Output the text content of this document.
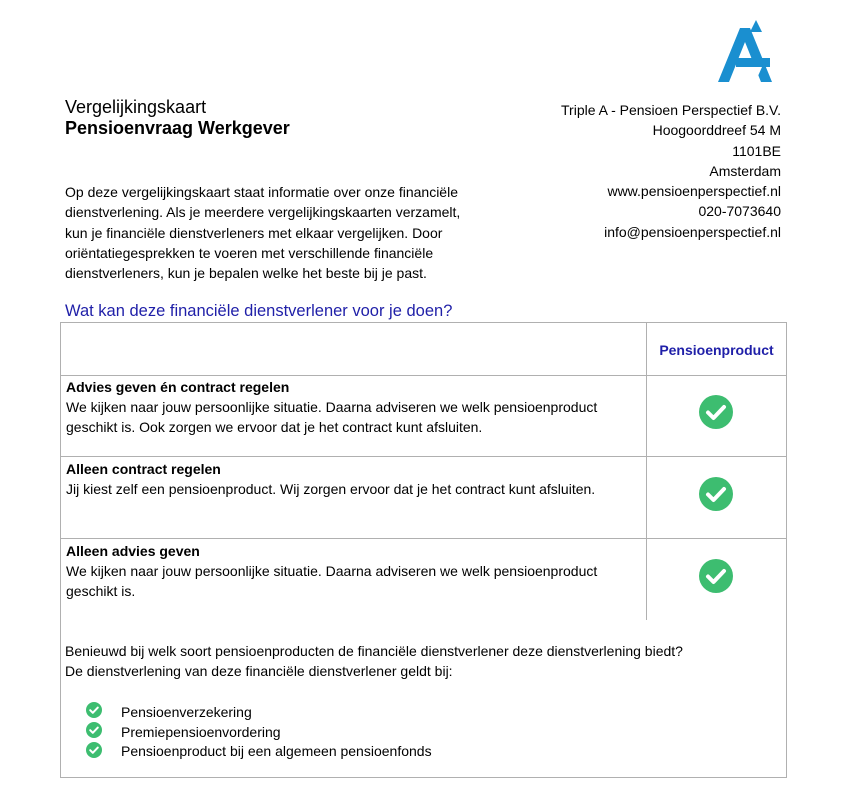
Vergelijkingskaart
Pensioenvraag Werkgever
Triple A - Pensioen Perspectief B.V.
Hoogoorddreef 54 M
1101BE
Amsterdam
www.pensioenperspectief.nl
020-7073640
info@pensioenperspectief.nl
Op deze vergelijkingskaart staat informatie over onze financiële
dienstverlening. Als je meerdere vergelijkingskaarten verzamelt,
kun je financiële dienstverleners met elkaar vergelijken. Door
oriëntatiegesprekken te voeren met verschillende financiële
dienstverleners, kun je bepalen welke het beste bij je past.
Wat kan deze financiële dienstverlener voor je doen?
Pensioenproduct
Advies geven én contract regelen
We kijken naar jouw persoonlijke situatie. Daarna adviseren we welk pensioenproduct
geschikt is. Ook zorgen we ervoor dat je het contract kunt afsluiten.
Alleen contract regelen
Jij kiest zelf een pensioenproduct. Wij zorgen ervoor dat je het contract kunt afsluiten.
Alleen advies geven
We kijken naar jouw persoonlijke situatie. Daarna adviseren we welk pensioenproduct
geschikt is.
Benieuwd bij welk soort pensioenproducten de financiële dienstverlener deze dienstverlening biedt?
De dienstverlening van deze financiële dienstverlener geldt bij:
Pensioenverzekering
Premiepensioenvordering
Pensioenproduct bij een algemeen pensioenfonds
